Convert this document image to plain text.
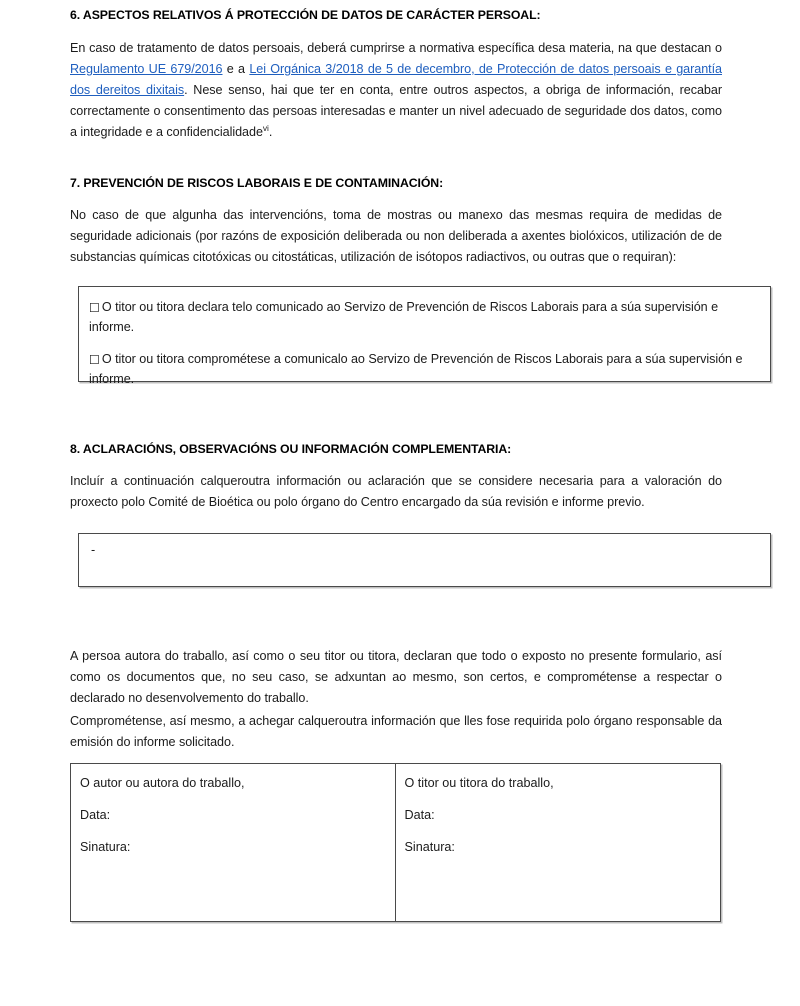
6. ASPECTOS RELATIVOS Á PROTECCIÓN DE DATOS DE CARÁCTER PERSOAL:
En caso de tratamento de datos persoais, deberá cumprirse a normativa específica desa materia, na que destacan o Regulamento UE 679/2016 e a Lei Orgánica 3/2018 de 5 de decembro, de Protección de datos persoais e garantía dos dereitos dixitais. Nese senso, hai que ter en conta, entre outros aspectos, a obriga de información, recabar correctamente o consentimento das persoas interesadas e manter un nivel adecuado de seguridade dos datos, como a integridade e a confidencialidade$^{vi}$.
7. PREVENCIÓN DE RISCOS LABORAIS E DE CONTAMINACIÓN:
No caso de que algunha das intervencións, toma de mostras ou manexo das mesmas requira de medidas de seguridade adicionais (por razóns de exposición deliberada ou non deliberada a axentes biolóxicos, utilización de de substancias químicas citotóxicas ou citostáticas, utilización de isótopos radiactivos, ou outras que o requiran):
☐ O titor ou titora declara telo comunicado ao Servizo de Prevención de Riscos Laborais para a súa supervisión e informe.
☐ O titor ou titora comprométese a comunicalo ao Servizo de Prevención de Riscos Laborais para a súa supervisión e informe.
8. ACLARACIÓNS, OBSERVACIÓNS OU INFORMACIÓN COMPLEMENTARIA:
Incluír a continuación calqueroutra información ou aclaración que se considere necesaria para a valoración do proxecto polo Comité de Bioética ou polo órgano do Centro encargado da súa revisión e informe previo.
-
A persoa autora do traballo, así como o seu titor ou titora, declaran que todo o exposto no presente formulario, así como os documentos que, no seu caso, se adxuntan ao mesmo, son certos, e comprométense a respectar o declarado no desenvolvemento do traballo.
Comprométense, así mesmo, a achegar calqueroutra información que lles fose requirida polo órgano responsable da emisión do informe solicitado.
O autor ou autora do traballo,
Data:
Sinatura:

O titor ou titora do traballo,
Data:
Sinatura:
